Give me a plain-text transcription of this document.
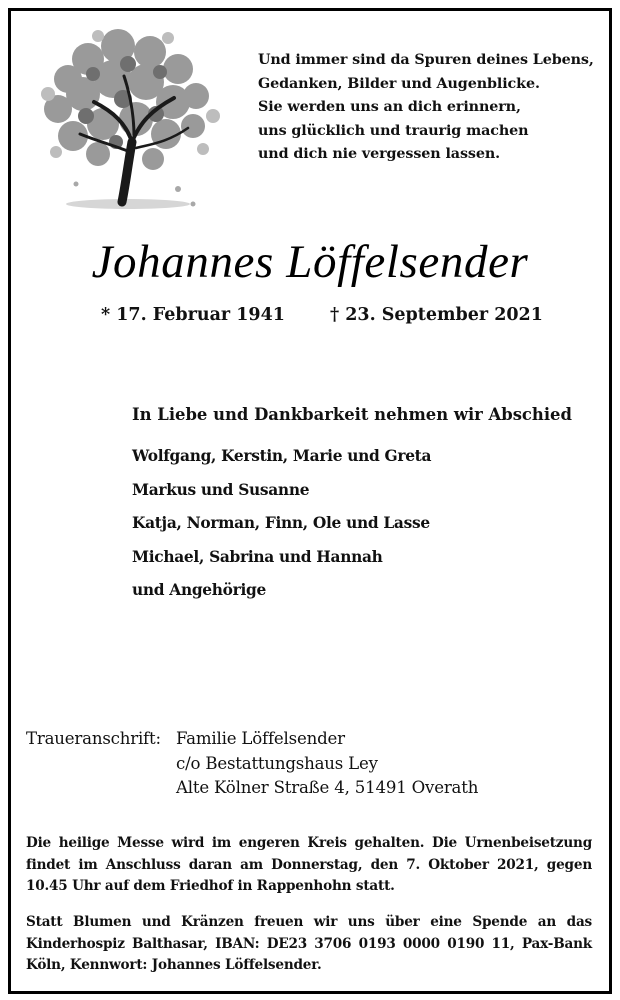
Und immer sind da Spuren deines Lebens,
Gedanken, Bilder und Augenblicke.
Sie werden uns an dich erinnern,
uns glücklich und traurig machen
und dich nie vergessen lassen.
Johannes Löffelsender
* 17. Februar 1941	† 23. September 2021
In Liebe und Dankbarkeit nehmen wir Abschied
Wolfgang, Kerstin, Marie und Greta
Markus und Susanne
Katja, Norman, Finn, Ole und Lasse
Michael, Sabrina und Hannah
und Angehörige
Traueranschrift: Familie Löffelsender
c/o Bestattungshaus Ley
Alte Kölner Straße 4, 51491 Overath
Die heilige Messe wird im engeren Kreis gehalten. Die Urnenbeisetzung findet im Anschluss daran am Donnerstag, den 7. Oktober 2021, gegen 10.45 Uhr auf dem Friedhof in Rappenhohn statt.
Statt Blumen und Kränzen freuen wir uns über eine Spende an das Kinderhospiz Balthasar, IBAN: DE23 3706 0193 0000 0190 11, Pax-Bank Köln, Kennwort: Johannes Löffelsender.
